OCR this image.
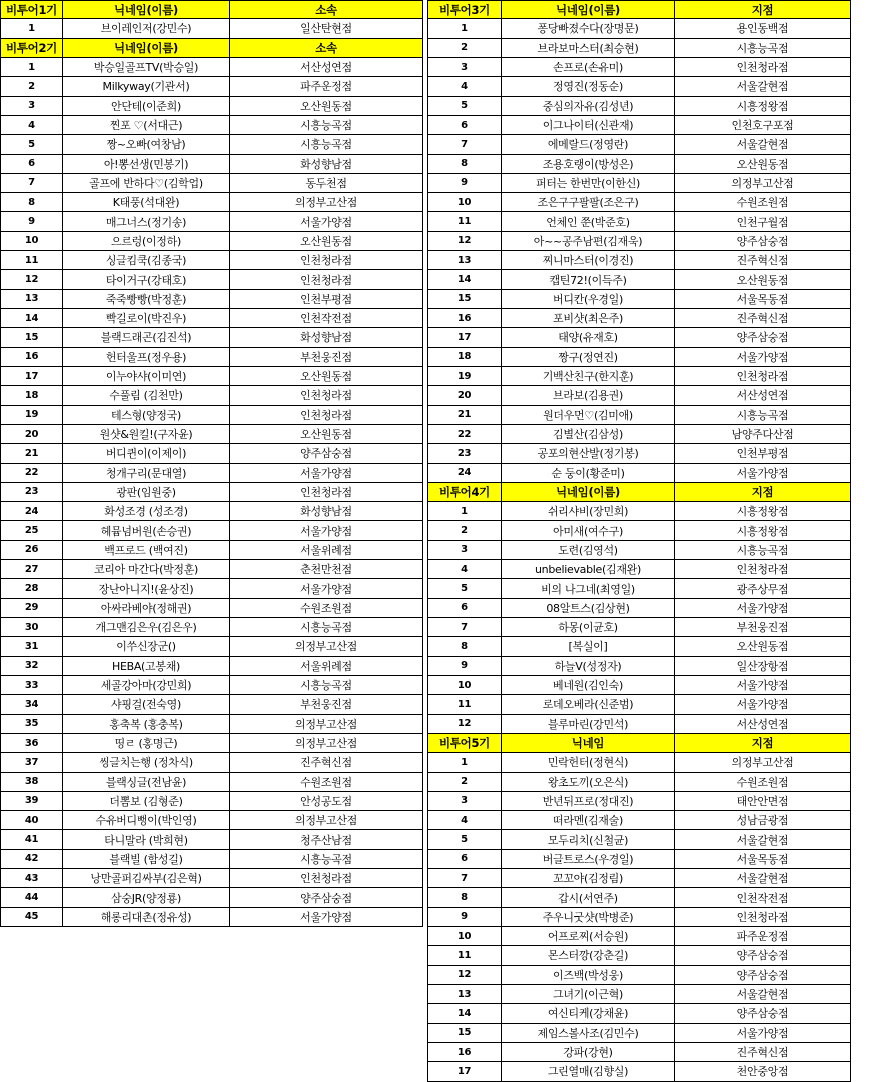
비투어1기	닉네임(이름)	소속
1	브이레인저(강민수)	일산탄현점
비투어2기	닉네임(이름)	소속
1	박승일골프TV(박승일)	서산성연점
2	Milkyway(기관서)	파주운정점
3	안단테(이준희)	오산원동점
4	찐포 ♡(서대근)	시흥능곡점
5	짱~오빠(여창남)	시흥능곡점
6	아!뽕선생(민봉기)	화성향남점
7	골프에 반하다♡(김학업)	동두천점
8	K태풍(석대완)	의정부고산점
9	매그너스(정기송)	서울가양점
10	으르렁(이정하)	오산원동점
11	싱글킴쿡(김종국)	인천청라점
12	타이거구(강태호)	인천청라점
13	죽죽빵빵(박정훈)	인천부평점
14	빡길로이(박진우)	인천작전점
15	블랙드래곤(김진석)	화성향남점
16	헌터울프(정우용)	부천웅진점
17	이누야샤(이미연)	오산원동점
18	수풀림 (김천만)	인천청라점
19	테스형(양정국)	인천청라점
20	원샷&원킬!(구자윤)	오산원동점
21	버디퀸이(이제이)	양주삼숭점
22	청개구리(문대열)	서울가양점
23	광판(임원중)	인천청라점
24	화성조경 (성조경)	화성향남점
25	헤뮴넘버원(손승권)	서울가양점
26	백프로드 (백여진)	서울위례점
27	코리아 마간다(박정훈)	춘천만천점
28	장난아니지!(윤상진)	서울가양점
29	아싸라베야(정해권)	수원조원점
30	개그맨김은우(김은우)	시흥능곡점
31	이쑤신장군()	의정부고산점
32	HEBA(고봉채)	서울위례점
33	세골강아마(강민희)	시흥능곡점
34	샤핑걸(전숙영)	부천웅진점
35	홍축복 (홍충복)	의정부고산점
36	띵ㄹ (홍명근)	의정부고산점
37	씽글치는행 (정차식)	진주혁신점
38	블랙싱글(전남윤)	수원조원점
39	더뽐보 (김형준)	안성공도점
40	수유버디뻥이(박인영)	의정부고산점
41	타니말라 (박희현)	청주산남점
42	블랙빌 (함성길)	시흥능곡점
43	낭만골퍼김싸부(김은혁)	인천청라점
44	삼숭JR(양정룡)	양주삼숭점
45	해롱리대촌(정유성)	서울가양점
비투어3기	닉네임(이름)	지점
1	퐁당빠졌수다(장명문)	용인동백점
2	브라보마스터(최승현)	시흥능곡점
3	손프로(손유미)	인천청라점
4	정영진(정동순)	서울갈현점
5	중심의자유(김성년)	시흥정왕점
6	이그나이터(신관재)	인천호구포점
7	에메랄드(정영란)	서울갈현점
8	조용호랭이(방성은)	오산원동점
9	퍼터는 한번만(이한신)	의정부고산점
10	조은구구팔팔(조은구)	수원조원점
11	언체인 쭌(박준호)	인천구월점
12	아~~공주남편(김재욱)	양주삼숭점
13	찌니마스터(이경진)	진주혁신점
14	캡틴72!(이득주)	오산원동점
15	버디칸(우경일)	서울목동점
16	포비샷(최은주)	진주혁신점
17	태양(유재호)	양주삼숭점
18	짱구(정연진)	서울가양점
19	기백산친구(한지훈)	인천청라점
20	브라보(김용권)	서산성연점
21	원더우먼♡(김미애)	시흥능곡점
22	김별산(김삼성)	남양주다산점
23	공포의현산발(정기봉)	인천부평점
24	순 둥이(황준미)	서울가양점
비투어4기	닉네임(이름)	지점
1	쉬리샤비(장민희)	시흥정왕점
2	아미새(여수구)	시흥정왕점
3	도련(김영석)	시흥능곡점
4	unbelievable(김재완)	인천청라점
5	비의 나그네(최영일)	광주상무점
6	08알트스(김상현)	서울가양점
7	하몽(이균호)	부천웅진점
8	[복실이]	오산원동점
9	하늘V(성정자)	일산장항점
10	베네원(김인숙)	서울가양점
11	로데오베라(신준범)	서울가양점
12	블루마린(강민석)	서산성연점
비투어5기	닉네임	지점
1	민락헌터(정현식)	의정부고산점
2	왕초도끼(오은식)	수원조원점
3	반년뒤프로(정대진)	태안안면점
4	떠라멘(김재술)	성남금광점
5	모두리치(신철균)	서울갈현점
6	버글트로스(우경일)	서울목동점
7	꼬꼬야(김정림)	서울갈현점
8	갑시(서연주)	인천작전점
9	주우니굿샷(박병준)	인천청라점
10	어프로찌(서승원)	파주운정점
11	몬스터깡(강춘길)	양주삼숭점
12	이즈백(박성웅)	양주삼숭점
13	그녀기(이근혁)	서울갈현점
14	여신티케(강채윤)	양주삼숭점
15	제임스볼사조(김민수)	서울가양점
16	강파(강현)	진주혁신점
17	그린열매(김향실)	천안중앙점
